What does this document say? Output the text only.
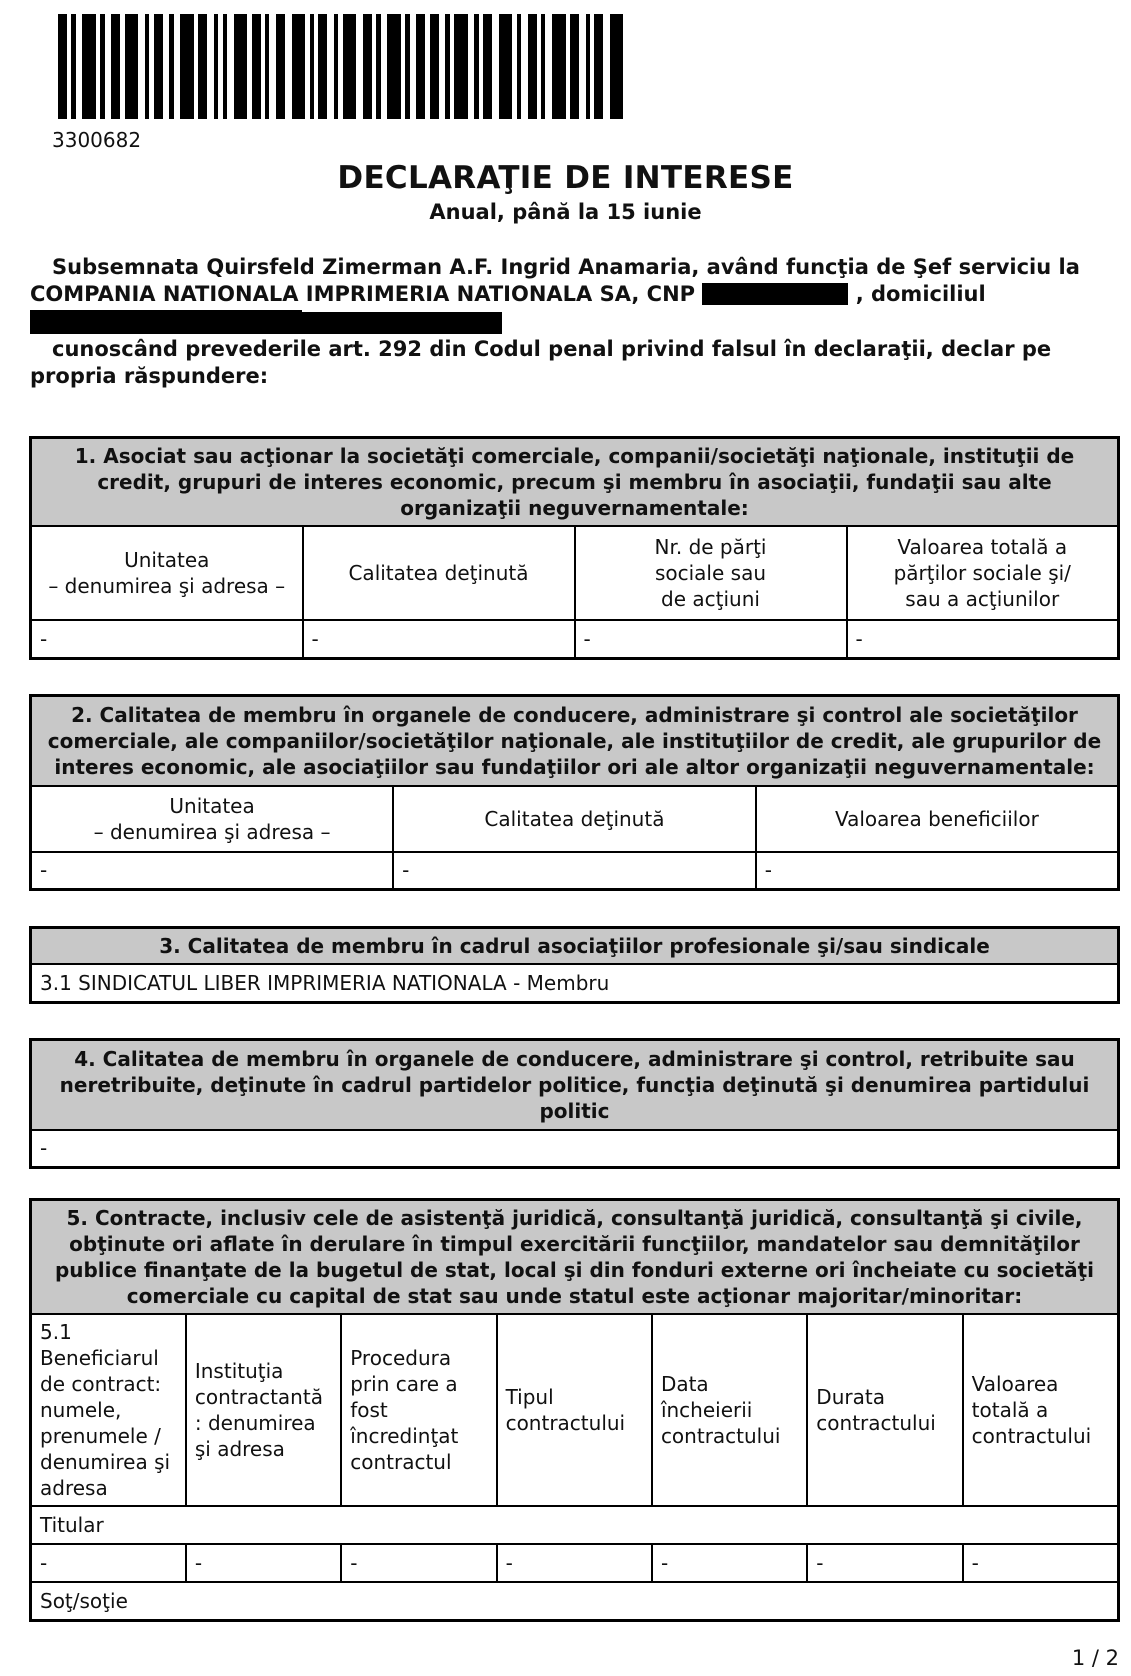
3300682
DECLARAŢIE DE INTERESE
Anual, până la 15 iunie

Subsemnata Quirsfeld Zimerman A.F. Ingrid Anamaria, având funcţia de Şef serviciu la COMPANIA NATIONALA IMPRIMERIA NATIONALA SA, CNP	, domiciliul

cunoscând prevederile art. 292 din Codul penal privind falsul în declaraţii, declar pe propria răspundere:
1. Asociat sau acţionar la societăţi comerciale, companii/societăţi naţionale, instituţii de credit, grupuri de interes economic, precum şi membru în asociaţii, fundaţii sau alte organizaţii neguvernamentale:			
Unitatea
– denumirea şi adresa –	Calitatea deţinută	Nr. de părţi
sociale sau
de acţiuni	Valoarea totală a
părţilor sociale şi/
sau a acţiunilor
-	-	-	-
2. Calitatea de membru în organele de conducere, administrare şi control ale societăţilor comerciale, ale companiilor/societăţilor naţionale, ale instituţiilor de credit, ale grupurilor de interes economic, ale asociaţiilor sau fundaţiilor ori ale altor organizaţii neguvernamentale:		
Unitatea
– denumirea şi adresa –	Calitatea deţinută	Valoarea beneficiilor
-	-	-
3. Calitatea de membru în cadrul asociaţiilor profesionale şi/sau sindicale
3.1 SINDICATUL LIBER IMPRIMERIA NATIONALA - Membru
4. Calitatea de membru în organele de conducere, administrare şi control, retribuite sau neretribuite, deţinute în cadrul partidelor politice, funcţia deţinută şi denumirea partidului politic
-
5. Contracte, inclusiv cele de asistenţă juridică, consultanţă juridică, consultanţă şi civile, obţinute ori aflate în derulare în timpul exercitării funcţiilor, mandatelor sau demnităţilor publice finanţate de la bugetul de stat, local şi din fonduri externe ori încheiate cu societăţi comerciale cu capital de stat sau unde statul este acţionar majoritar/minoritar:						
5.1 Beneficiarul de contract: numele, prenumele / denumirea şi adresa	Instituţia contractantă : denumirea şi adresa	Procedura prin care a fost încredinţat contractul	Tipul contractului	Data încheierii contractului	Durata contractului	Valoarea totală a contractului
Titular						
-	-	-	-	-	-	-
Soţ/soţie						
1 / 2
